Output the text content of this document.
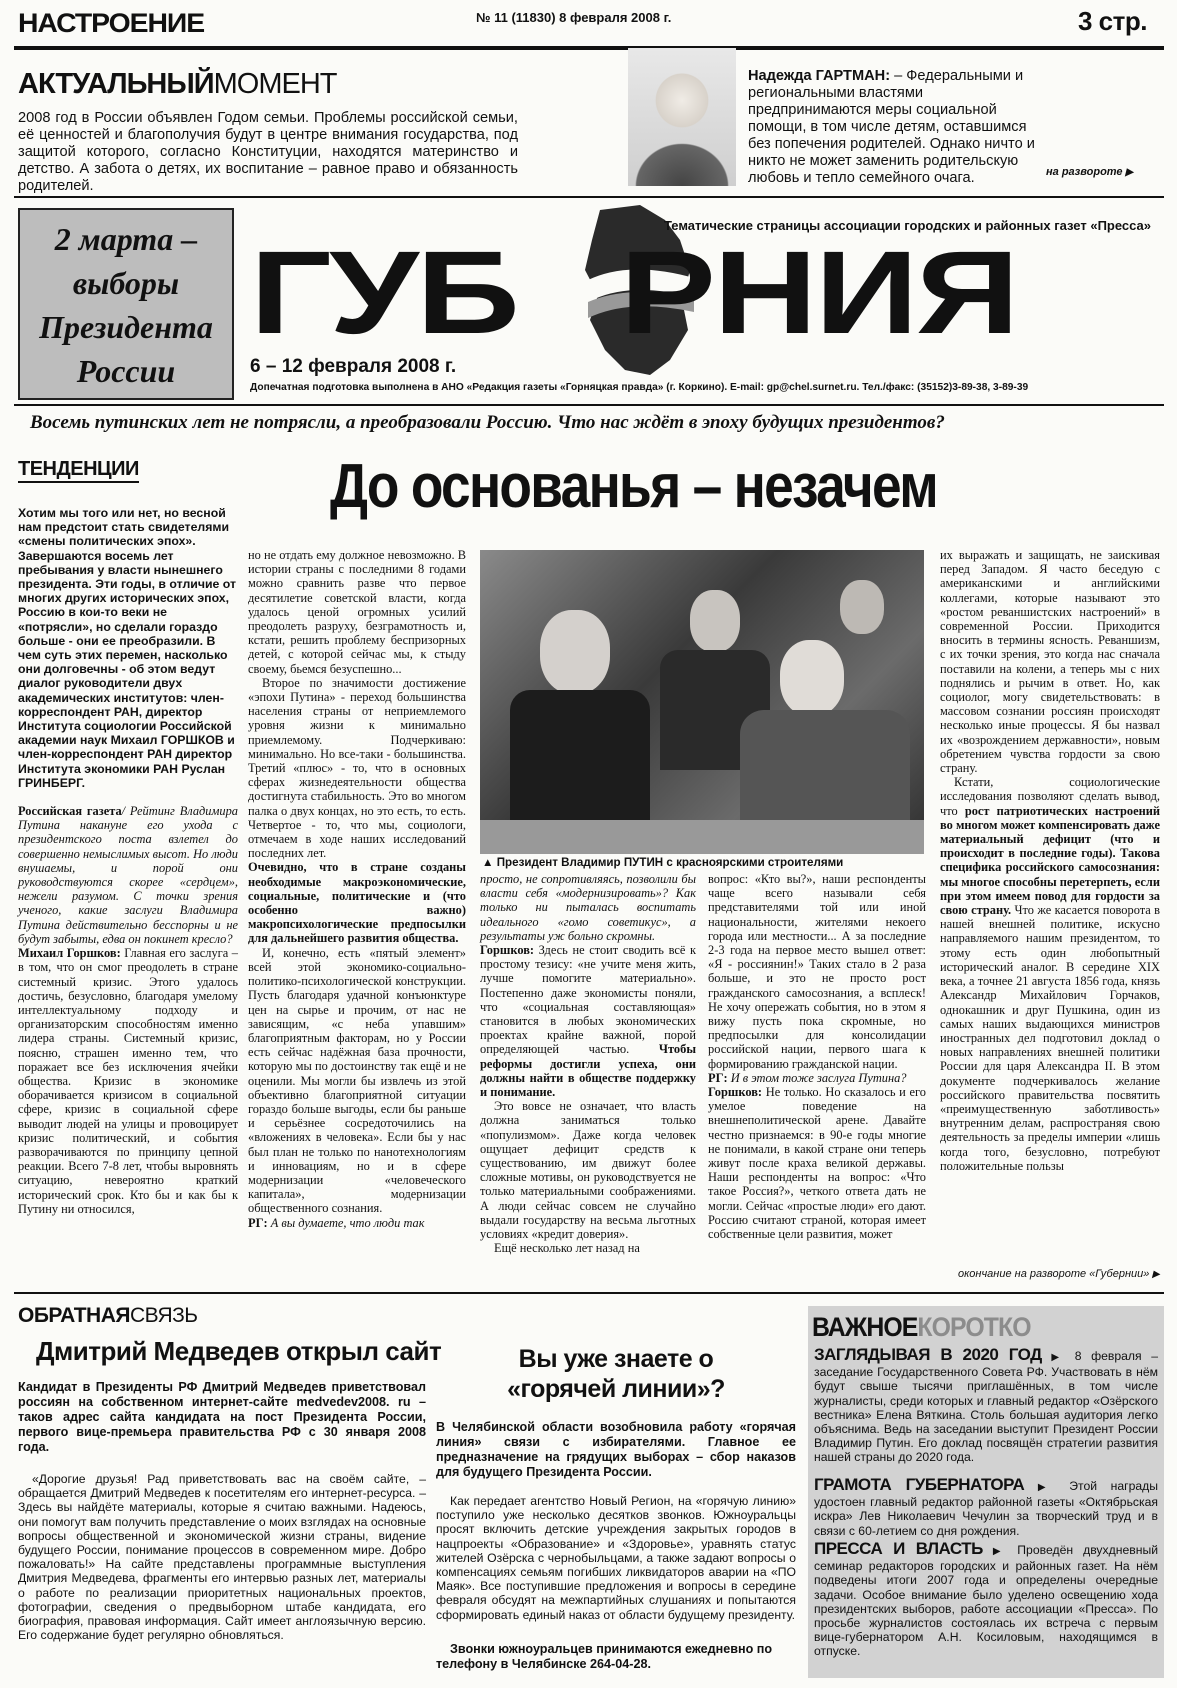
НАСТРОЕНИЕ	№ 11 (11830) 8 февраля 2008 г.	3 стр.
АКТУАЛЬНЫЙМОМЕНТ
2008 год в России объявлен Годом семьи. Проблемы российской семьи, её ценностей и благополучия будут в центре внимания государства, под защитой которого, согласно Конституции, находятся материнство и детство. А забота о детях, их воспитание – равное право и обязанность родителей.
Надежда ГАРТМАН: – Федеральными и региональными властями предпринимаются меры социальной помощи, в том числе детям, оставшимся без попечения родителей. Однако ничто и никто не может заменить родительскую любовь и тепло семейного очага.	на развороте ▶
2 марта – выборы Президента России
Тематические страницы ассоциации городских и районных газет «Пресса»
ГУБ РНИЯ
6 – 12 февраля 2008 г.
Допечатная подготовка выполнена в АНО «Редакция газеты «Горняцкая правда» (г. Коркино). E-mail: gp@chel.surnet.ru. Тел./факс: (35152)3-89-38, 3-89-39
Восемь путинских лет не потрясли, а преобразовали Россию. Что нас ждёт в эпоху будущих президентов?
ТЕНДЕНЦИИ	До основанья – незачем

Хотим мы того или нет, но весной нам предстоит стать свидетелями «смены политических эпох». Завершаются восемь лет пребывания у власти нынешнего президента. Эти годы, в отличие от многих других исторических эпох, Россию в кои-то веки не «потрясли», но сделали гораздо больше - они ее преобразили. В чем суть этих перемен, насколько они долговечны - об этом ведут диалог руководители двух академических институтов: член-корреспондент РАН, директор Института социологии Российской академии наук Михаил ГОРШКОВ и член-корреспондент РАН директор Института экономики РАН Руслан ГРИНБЕРГ.

Российская газета/ Рейтинг Владимира Путина накануне его ухода с президентского поста взлетел до совершенно немыслимых высот. Но люди внушаемы, и порой они руководствуются скорее «сердцем», нежели разумом. С точки зрения ученого, какие заслуги Владимира Путина действительно бесспорны и не будут забыты, едва он покинет кресло?

Михаил Горшков: Главная его заслуга – в том, что он смог преодолеть в стране системный кризис. Этого удалось достичь, безусловно, благодаря умелому интеллектуальному подходу и организаторским способностям именно лидера страны. Системный кризис, поясню, страшен именно тем, что поражает все без исключения ячейки общества. Кризис в экономике оборачивается кризисом в социальной сфере, кризис в социальной сфере выводит людей на улицы и провоцирует кризис политический, и события разворачиваются по принципу цепной реакции. Всего 7-8 лет, чтобы выровнять ситуацию, невероятно краткий исторический срок. Кто бы и как бы к Путину ни относился,

но не отдать ему должное невозможно. В истории страны с последними 8 годами можно сравнить разве что первое десятилетие советской власти, когда удалось ценой огромных усилий преодолеть разруху, безграмотность и, кстати, решить проблему беспризорных детей, с которой сейчас мы, к стыду своему, бьемся безуспешно...

Второе по значимости достижение «эпохи Путина» - переход большинства населения страны от неприемлемого уровня жизни к минимально приемлемому. Подчеркиваю: минимально. Но все-таки - большинства. Третий «плюс» - то, что в основных сферах жизнедеятельности общества достигнута стабильность. Это во многом палка о двух концах, но это есть, то есть. Четвертое - то, что мы, социологи, отмечаем в ходе наших исследований последних лет.

Очевидно, что в стране созданы необходимые макроэкономические, социальные, политические и (что особенно важно) макропсихологические предпосылки для дальнейшего развития общества.

И, конечно, есть «пятый элемент» всей этой экономико-социально-политико-психологической конструкции. Пусть благодаря удачной конъюнктуре цен на сырье и прочим, от нас не зависящим, «с неба упавшим» благоприятным факторам, но у России есть сейчас надёжная база прочности, которую мы по достоинству так ещё и не оценили. Мы могли бы извлечь из этой объективно благоприятной ситуации гораздо больше выгоды, если бы раньше и серьёзнее сосредоточились на «вложениях в человека». Если бы у нас был план не только по нанотехнологиям и инновациям, но и в сфере модернизации «человеческого капитала», модернизации общественного сознания.

РГ: А вы думаете, что люди так

▲ Президент Владимир ПУТИН с красноярскими строителями

просто, не сопротивляясь, позволили бы власти себя «модернизировать»? Как только ни пыталась воспитать идеального «гомо советикус», а результаты уж больно скромны.

Горшков: Здесь не стоит сводить всё к простому тезису: «не учите меня жить, лучше помогите материально». Постепенно даже экономисты поняли, что «социальная составляющая» становится в любых экономических проектах крайне важной, порой определяющей частью. Чтобы реформы достигли успеха, они должны найти в обществе поддержку и понимание.

Это вовсе не означает, что власть должна заниматься только «популизмом». Даже когда человек ощущает дефицит средств к существованию, им движут более сложные мотивы, он руководствуется не только материальными соображениями. А люди сейчас совсем не случайно выдали государству на весьма льготных условиях «кредит доверия».

Ещё несколько лет назад на

вопрос: «Кто вы?», наши респонденты чаще всего называли себя представителями той или иной национальности, жителями некоего города или местности... А за последние 2-3 года на первое место вышел ответ: «Я - россиянин!» Таких стало в 2 раза больше, и это не просто рост гражданского самосознания, а всплеск! Не хочу опережать события, но в этом я вижу пусть пока скромные, но предпосылки для консолидации российской нации, первого шага к формированию гражданской нации.

РГ: И в этом тоже заслуга Путина?

Горшков: Не только. Но сказалось и его умелое поведение на внешнеполитической арене. Давайте честно признаемся: в 90-е годы многие не понимали, в какой стране они теперь живут после краха великой державы. Наши респонденты на вопрос: «Что такое Россия?», четкого ответа дать не могли. Сейчас «простые люди» его дают. Россию считают страной, которая имеет собственные цели развития, может

их выражать и защищать, не заискивая перед Западом. Я часто беседую с американскими и английскими коллегами, которые называют это «ростом реваншистских настроений» в современной России. Приходится вносить в термины ясность. Реваншизм, с их точки зрения, это когда нас сначала поставили на колени, а теперь мы с них поднялись и рычим в ответ. Но, как социолог, могу свидетельствовать: в массовом сознании россиян происходят несколько иные процессы. Я бы назвал их «возрождением державности», новым обретением чувства гордости за свою страну.

Кстати, социологические исследования позволяют сделать вывод, что рост патриотических настроений во многом может компенсировать даже материальный дефицит (что и происходит в последние годы). Такова специфика российского самосознания: мы многое способны перетерпеть, если при этом имеем повод для гордости за свою страну. Что же касается поворота в нашей внешней политике, искусно направляемого нашим президентом, то этому есть один любопытный исторический аналог. В середине XIX века, а точнее 21 августа 1856 года, князь Александр Михайлович Горчаков, однокашник и друг Пушкина, один из самых наших выдающихся министров иностранных дел подготовил доклад о новых направлениях внешней политики России для царя Александра II. В этом документе подчеркивалось желание российского правительства посвятить «преимущественную заботливость» внутренним делам, распространяя свою деятельность за пределы империи «лишь когда того, безусловно, потребуют положительные пользы

окончание на развороте «Губернии» ▶
ОБРАТНАЯСВЯЗЬ
Дмитрий Медведев открыл сайт
Кандидат в Президенты РФ Дмитрий Медведев приветствовал россиян на собственном интернет-сайте medvedev2008. ru – таков адрес сайта кандидата на пост Президента России, первого вице-премьера правительства РФ с 30 января 2008 года.
«Дорогие друзья! Рад приветствовать вас на своём сайте, – обращается Дмитрий Медведев к посетителям его интернет-ресурса. – Здесь вы найдёте материалы, которые я считаю важными. Надеюсь, они помогут вам получить представление о моих взглядах на основные вопросы общественной и экономической жизни страны, видение будущего России, понимание процессов в современном мире. Добро пожаловать!» На сайте представлены программные выступления Дмитрия Медведева, фрагменты его интервью разных лет, материалы о работе по реализации приоритетных национальных проектов, фотографии, сведения о предвыборном штабе кандидата, его биография, правовая информация. Сайт имеет англоязычную версию. Его содержание будет регулярно обновляться.
Вы уже знаете о «горячей линии»?
В Челябинской области возобновила работу «горячая линия» связи с избирателями. Главное ее предназначение на грядущих выборах – сбор наказов для будущего Президента России.
Как передает агентство Новый Регион, на «горячую линию» поступило уже несколько десятков звонков. Южноуральцы просят включить детские учреждения закрытых городов в нацпроекты «Образование» и «Здоровье», уравнять статус жителей Озёрска с чернобыльцами, а также задают вопросы о компенсациях семьям погибших ликвидаторов аварии на «ПО Маяк». Все поступившие предложения и вопросы в середине февраля обсудят на межпартийных слушаниях и попытаются сформировать единый наказ от области будущему президенту.
Звонки южноуральцев принимаются ежедневно по телефону в Челябинске 264-04-28.
ВАЖНОЕКОРОТКО
ЗАГЛЯДЫВАЯ В 2020 ГОД ▶ 8 февраля – заседание Государственного Совета РФ. Участвовать в нём будут свыше тысячи приглашённых, в том числе журналисты, среди которых и главный редактор «Озёрского вестника» Елена Вяткина. Столь большая аудитория легко объяснима. Ведь на заседании выступит Президент России Владимир Путин. Его доклад посвящён стратегии развития нашей страны до 2020 года.
ГРАМОТА ГУБЕРНАТОРА ▶ Этой награды удостоен главный редактор районной газеты «Октябрьская искра» Лев Николаевич Чечулин за творческий труд и в связи с 60-летием со дня рождения.
ПРЕССА И ВЛАСТЬ ▶ Проведён двухдневный семинар редакторов городских и районных газет. На нём подведены итоги 2007 года и определены очередные задачи. Особое внимание было уделено освещению хода президентских выборов, работе ассоциации «Пресса». По просьбе журналистов состоялась их встреча с первым вице-губернатором А.Н. Косиловым, находящимся в отпуске.
